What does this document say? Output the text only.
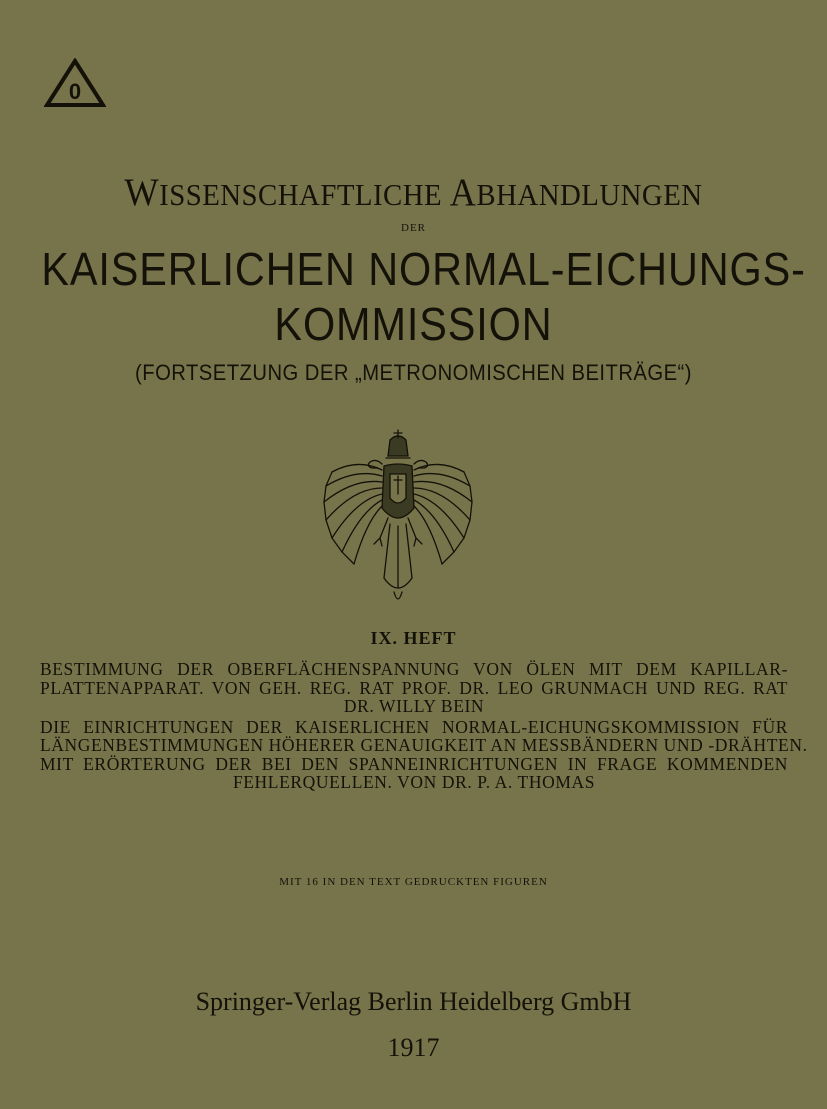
0
WISSENSCHAFTLICHE ABHANDLUNGEN
DER
KAISERLICHEN NORMAL-EICHUNGS-
KOMMISSION
(FORTSETZUNG DER „METRONOMISCHEN BEITRÄGE“)
IX. HEFT
BESTIMMUNG DER OBERFLÄCHENSPANNUNG VON ÖLEN MIT DEM KAPILLAR-
PLATTENAPPARAT. VON GEH. REG. RAT PROF. DR. LEO GRUNMACH UND REG. RAT
DR. WILLY BEIN
DIE EINRICHTUNGEN DER KAISERLICHEN NORMAL-EICHUNGSKOMMISSION FÜR
LÄNGENBESTIMMUNGEN HÖHERER GENAUIGKEIT AN MESSBÄNDERN UND -DRÄHTEN.
MIT ERÖRTERUNG DER BEI DEN SPANNEINRICHTUNGEN IN FRAGE KOMMENDEN
FEHLERQUELLEN. VON DR. P. A. THOMAS
MIT 16 IN DEN TEXT GEDRUCKTEN FIGUREN
Springer-Verlag Berlin Heidelberg GmbH
1917
